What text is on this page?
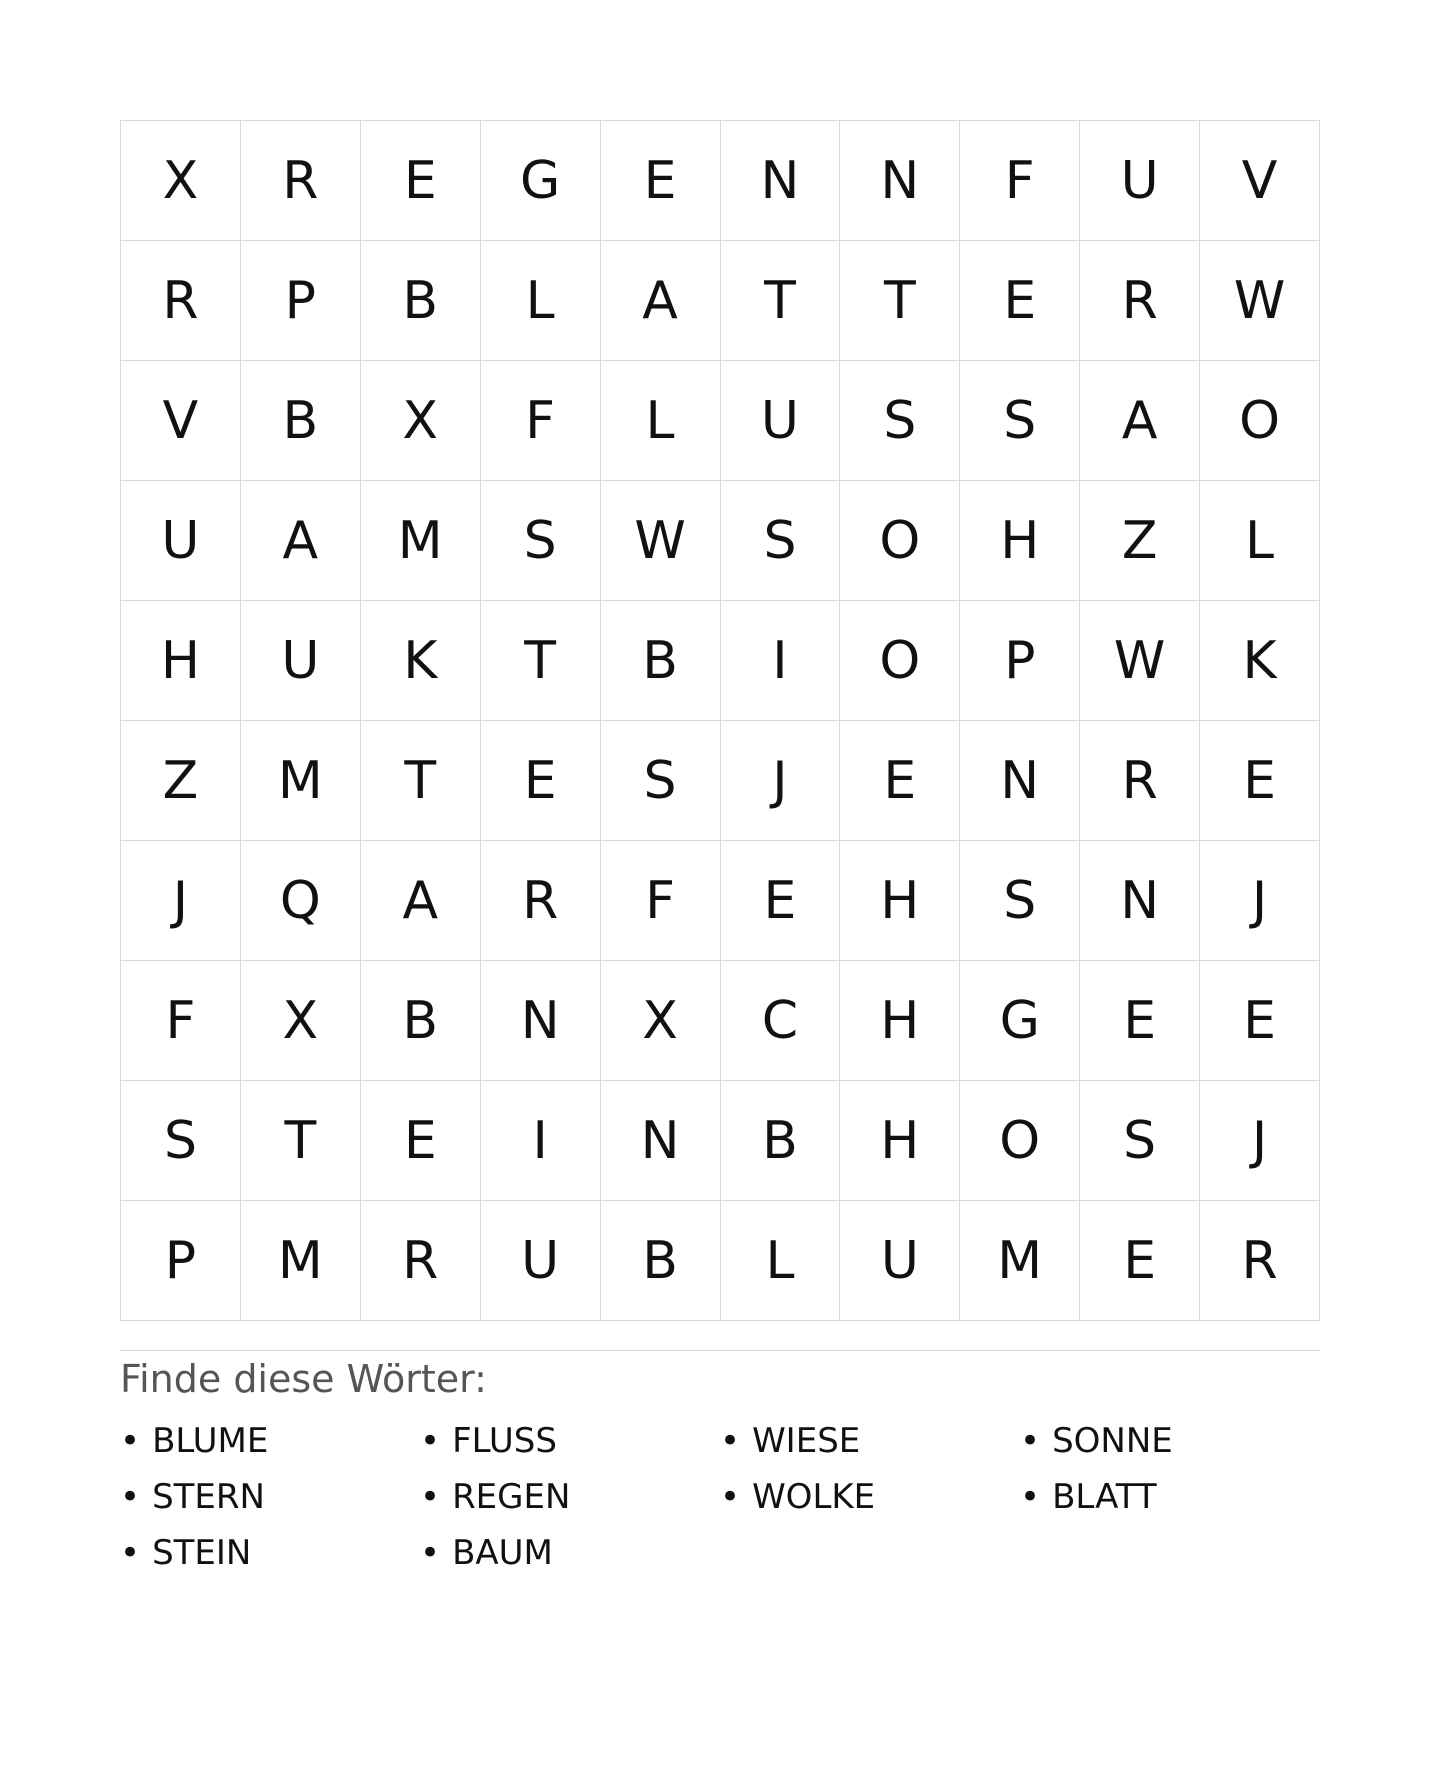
X	R	E	G	E	N	N	F	U	V
R	P	B	L	A	T	T	E	R	W
V	B	X	F	L	U	S	S	A	O
U	A	M	S	W	S	O	H	Z	L
H	U	K	T	B	I	O	P	W	K
Z	M	T	E	S	J	E	N	R	E
J	Q	A	R	F	E	H	S	N	J
F	X	B	N	X	C	H	G	E	E
S	T	E	I	N	B	H	O	S	J
P	M	R	U	B	L	U	M	E	R
Finde diese Wörter:
• BLUME	• FLUSS	• WIESE	• SONNE
• STERN	• REGEN	• WOLKE	• BLATT
• STEIN	• BAUM
